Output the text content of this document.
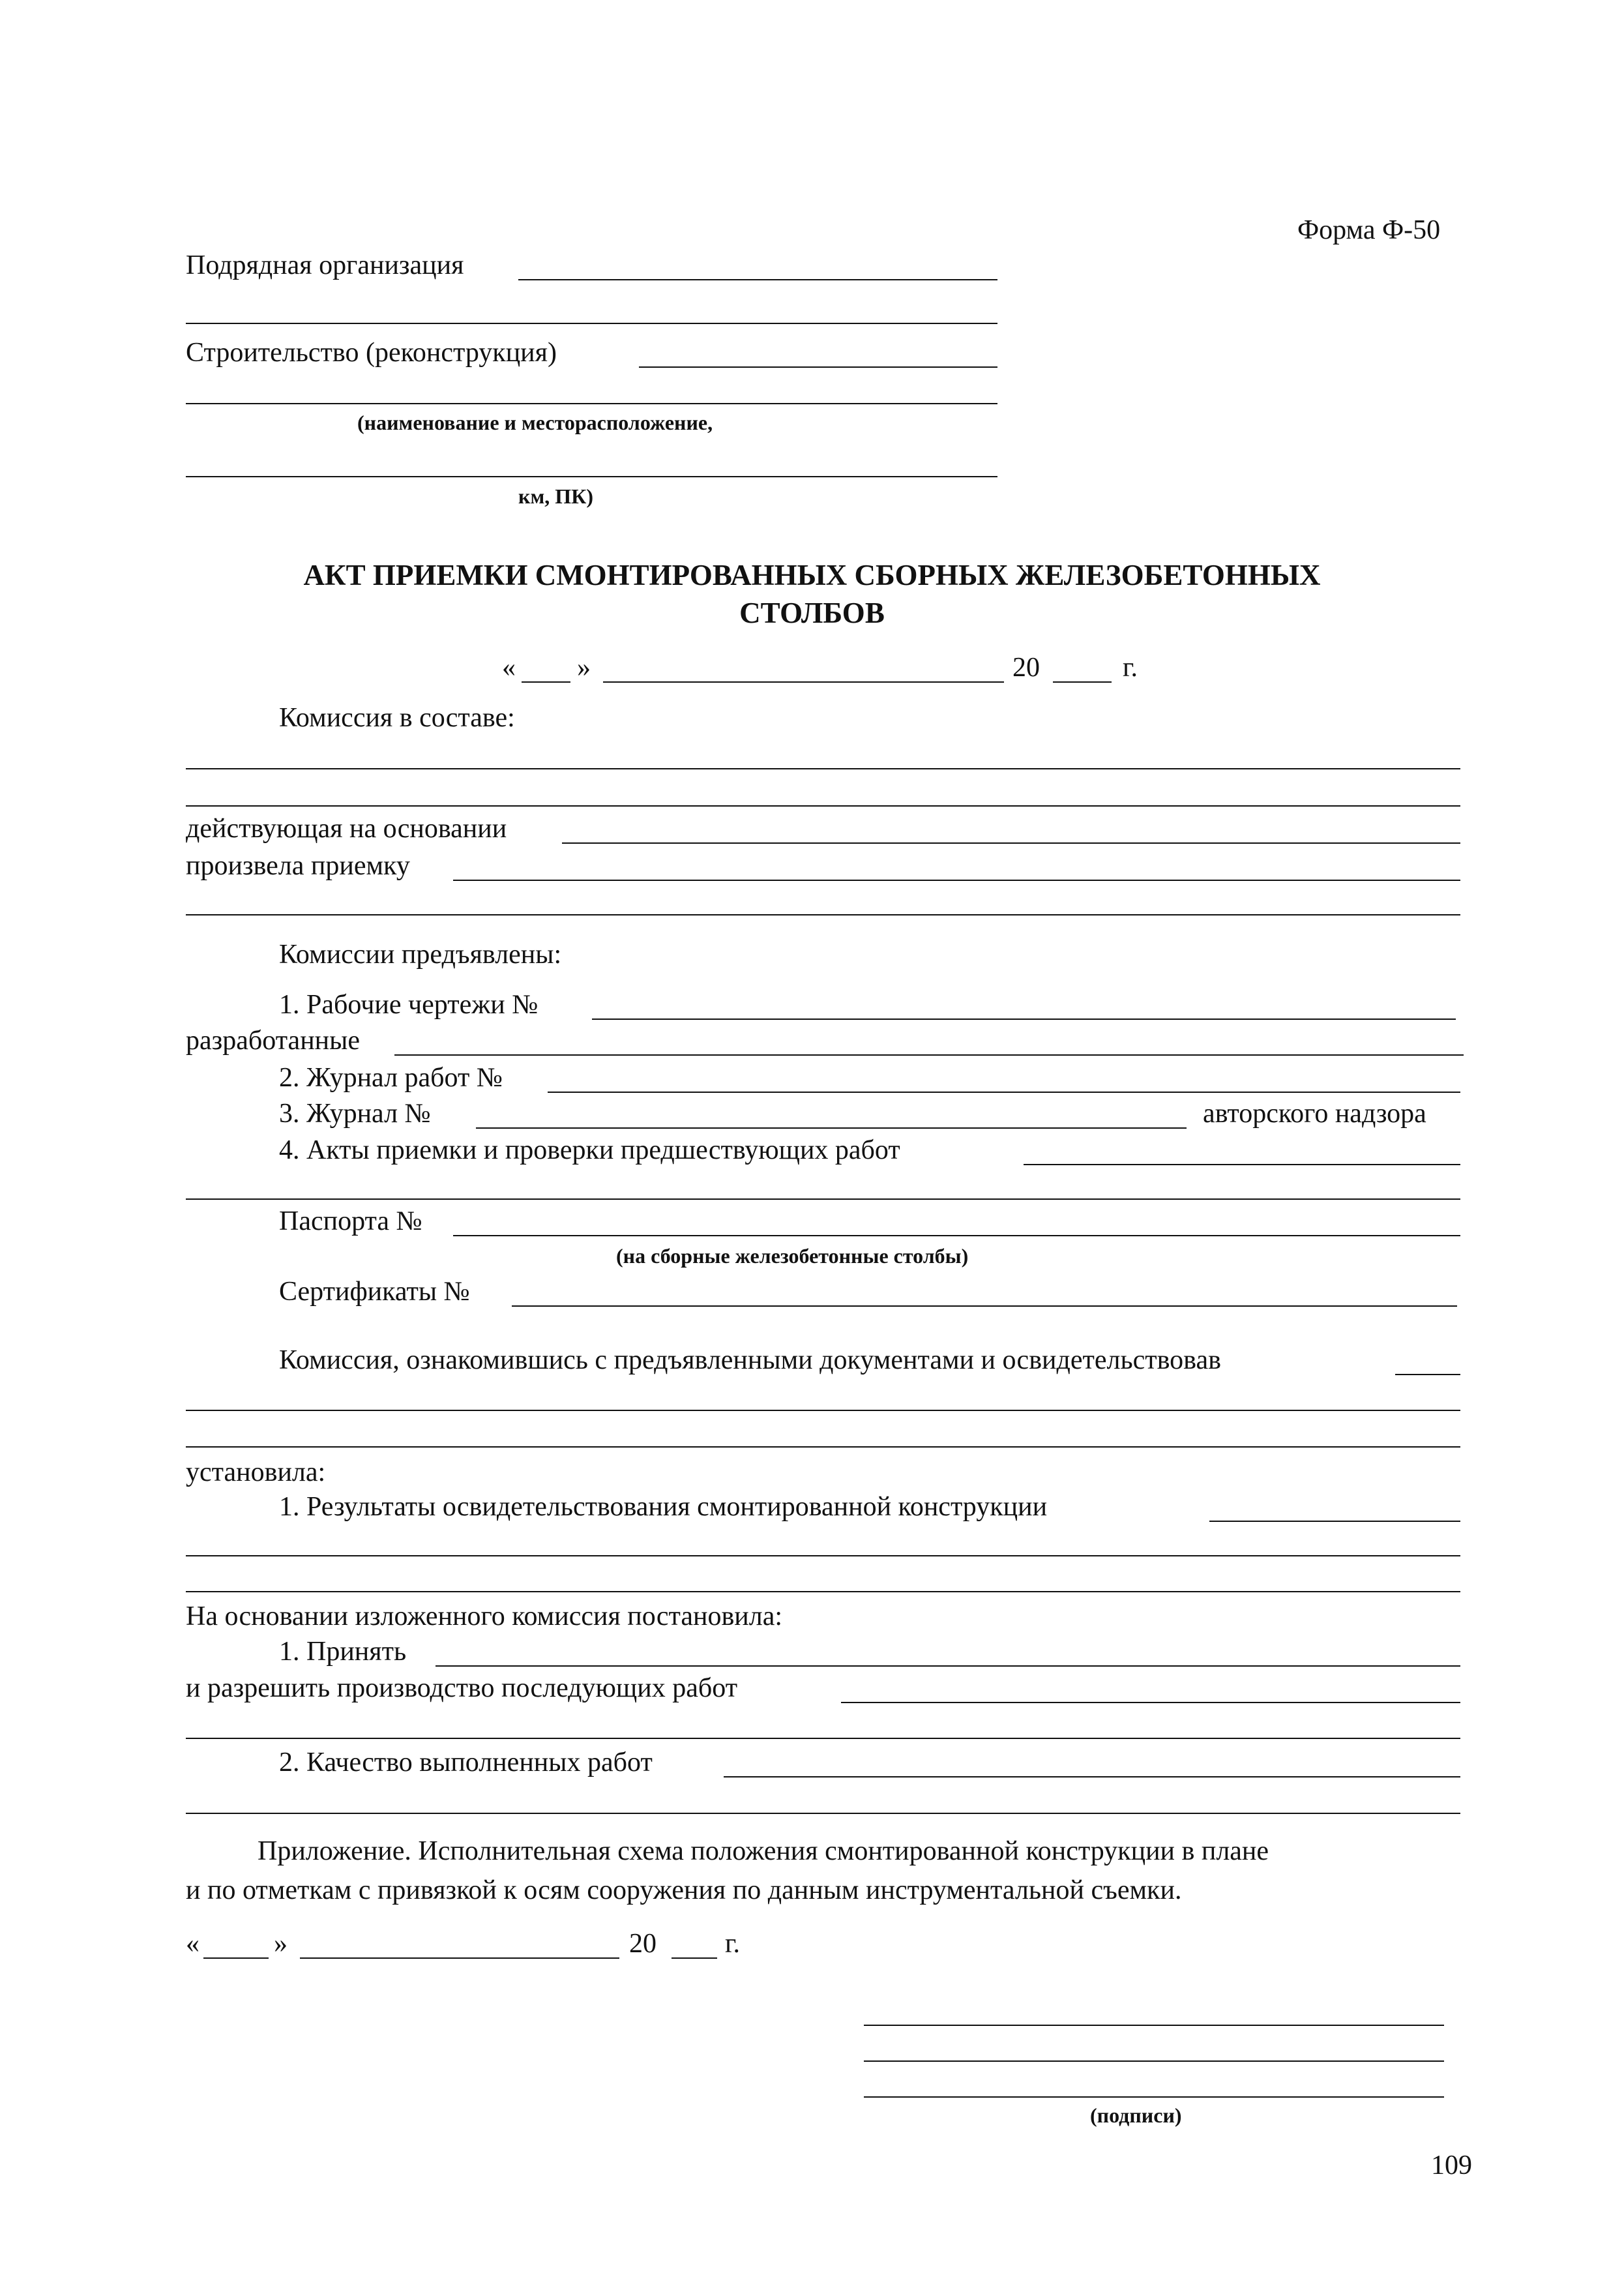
Форма Ф-50
Подрядная организация
Строительство (реконструкция)
(наименование и месторасположение,
км, ПК)
АКТ ПРИЕМКИ СМОНТИРОВАННЫХ СБОРНЫХ ЖЕЛЕЗОБЕТОННЫХ
СТОЛБОВ
« »	20	г.
Комиссия в составе:
действующая на основании
произвела приемку
Комиссии предъявлены:
1. Рабочие чертежи №
разработанные
2. Журнал работ №
3. Журнал №	авторского надзора
4. Акты приемки и проверки предшествующих работ
Паспорта №
(на сборные железобетонные столбы)
Сертификаты №
Комиссия, ознакомившись с предъявленными документами и освидетельствовав
установила:
1. Результаты освидетельствования смонтированной конструкции
На основании изложенного комиссия постановила:
1. Принять
и разрешить производство последующих работ
2. Качество выполненных работ
Приложение. Исполнительная схема положения смонтированной конструкции в плане
и по отметкам с привязкой к осям сооружения по данным инструментальной съемки.
«	»	20	г.
(подписи)
109
